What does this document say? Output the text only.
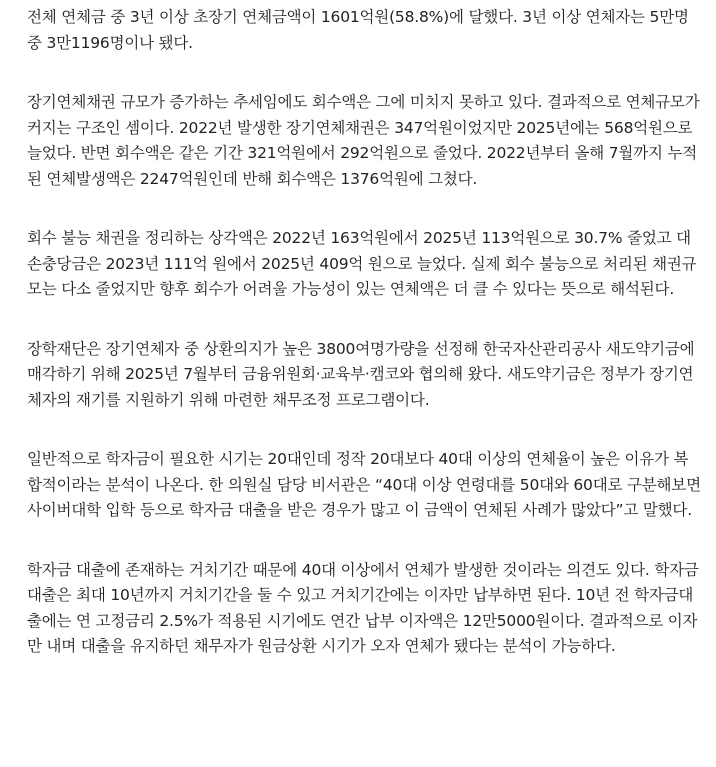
전체 연체금 중 3년 이상 초장기 연체금액이 1601억원(58.8%)에 달했다. 3년 이상 연체자는 5만명 중 3만1196명이나 됐다.

장기연체채권 규모가 증가하는 추세임에도 회수액은 그에 미치지 못하고 있다. 결과적으로 연체규모가 커지는 구조인 셈이다. 2022년 발생한 장기연체채권은 347억원이었지만 2025년에는 568억원으로 늘었다. 반면 회수액은 같은 기간 321억원에서 292억원으로 줄었다. 2022년부터 올해 7월까지 누적된 연체발생액은 2247억원인데 반해 회수액은 1376억원에 그쳤다.

회수 불능 채권을 정리하는 상각액은 2022년 163억원에서 2025년 113억원으로 30.7% 줄었고 대손충당금은 2023년 111억 원에서 2025년 409억 원으로 늘었다. 실제 회수 불능으로 처리된 채권규모는 다소 줄었지만 향후 회수가 어려울 가능성이 있는 연체액은 더 클 수 있다는 뜻으로 해석된다.

장학재단은 장기연체자 중 상환의지가 높은 3800여명가량을 선정해 한국자산관리공사 새도약기금에 매각하기 위해 2025년 7월부터 금융위원회·교육부·캠코와 협의해 왔다. 새도약기금은 정부가 장기연체자의 재기를 지원하기 위해 마련한 채무조정 프로그램이다.

일반적으로 학자금이 필요한 시기는 20대인데 정작 20대보다 40대 이상의 연체율이 높은 이유가 복합적이라는 분석이 나온다. 한 의원실 담당 비서관은 “40대 이상 연령대를 50대와 60대로 구분해보면 사이버대학 입학 등으로 학자금 대출을 받은 경우가 많고 이 금액이 연체된 사례가 많았다”고 말했다.

학자금 대출에 존재하는 거치기간 때문에 40대 이상에서 연체가 발생한 것이라는 의견도 있다. 학자금 대출은 최대 10년까지 거치기간을 둘 수 있고 거치기간에는 이자만 납부하면 된다. 10년 전 학자금대출에는 연 고정금리 2.5%가 적용된 시기에도 연간 납부 이자액은 12만5000원이다. 결과적으로 이자만 내며 대출을 유지하던 채무자가 원금상환 시기가 오자 연체가 됐다는 분석이 가능하다.
